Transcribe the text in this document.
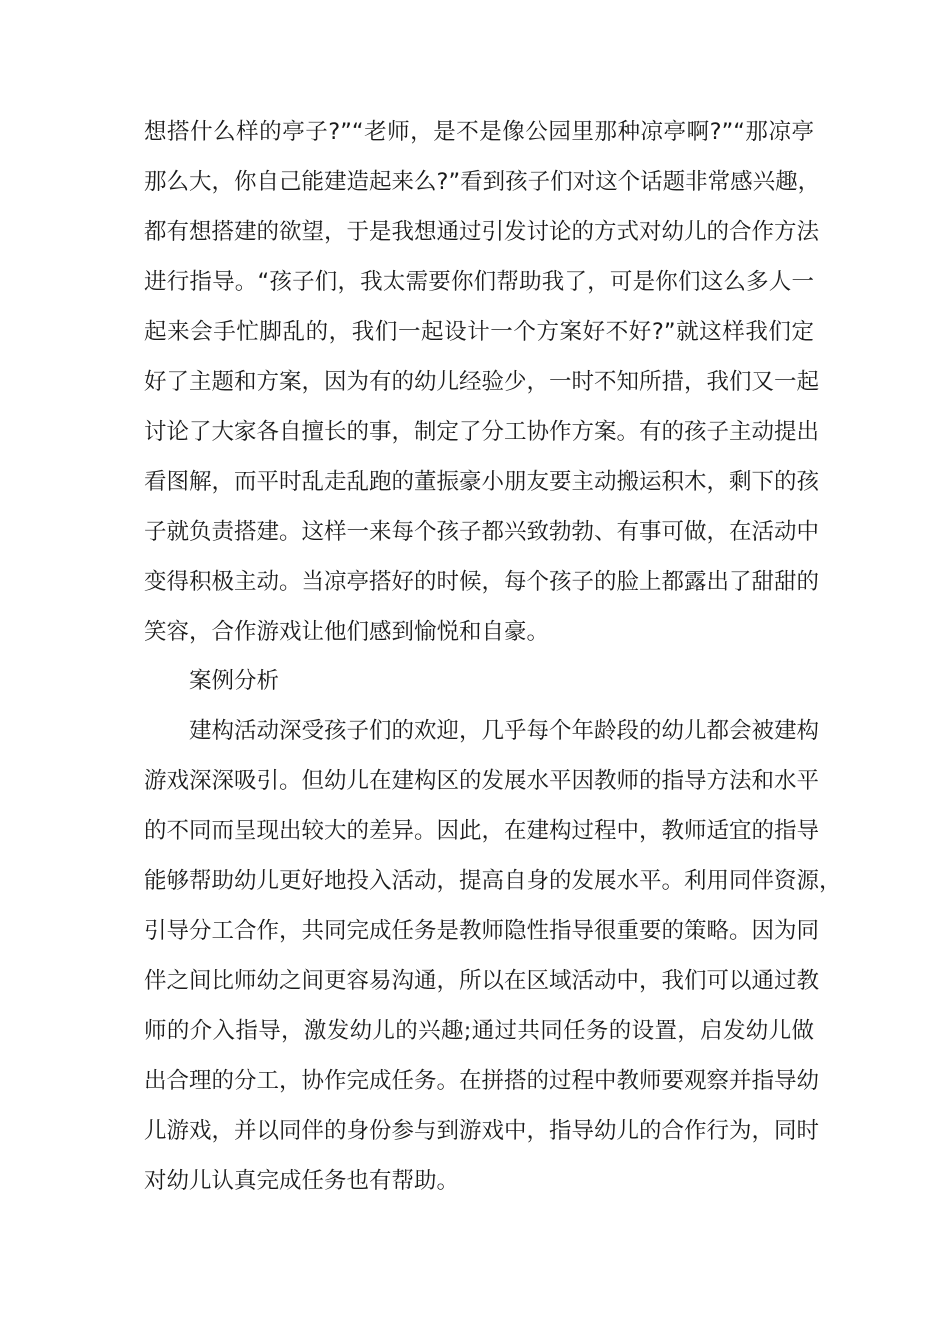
想搭什么样的亭子?”“老师，是不是像公园里那种凉亭啊?”“那凉亭
那么大，你自己能建造起来么?”看到孩子们对这个话题非常感兴趣，
都有想搭建的欲望，于是我想通过引发讨论的方式对幼儿的合作方法
进行指导。“孩子们，我太需要你们帮助我了，可是你们这么多人一
起来会手忙脚乱的，我们一起设计一个方案好不好?”就这样我们定
好了主题和方案，因为有的幼儿经验少，一时不知所措，我们又一起
讨论了大家各自擅长的事，制定了分工协作方案。有的孩子主动提出
看图解，而平时乱走乱跑的董振豪小朋友要主动搬运积木，剩下的孩
子就负责搭建。这样一来每个孩子都兴致勃勃、有事可做，在活动中
变得积极主动。当凉亭搭好的时候，每个孩子的脸上都露出了甜甜的
笑容，合作游戏让他们感到愉悦和自豪。
案例分析
建构活动深受孩子们的欢迎，几乎每个年龄段的幼儿都会被建构
游戏深深吸引。但幼儿在建构区的发展水平因教师的指导方法和水平
的不同而呈现出较大的差异。因此，在建构过程中，教师适宜的指导
能够帮助幼儿更好地投入活动，提高自身的发展水平。利用同伴资源，
引导分工合作，共同完成任务是教师隐性指导很重要的策略。因为同
伴之间比师幼之间更容易沟通，所以在区域活动中，我们可以通过教
师的介入指导，激发幼儿的兴趣;通过共同任务的设置，启发幼儿做
出合理的分工，协作完成任务。在拼搭的过程中教师要观察并指导幼
儿游戏，并以同伴的身份参与到游戏中，指导幼儿的合作行为，同时
对幼儿认真完成任务也有帮助。
